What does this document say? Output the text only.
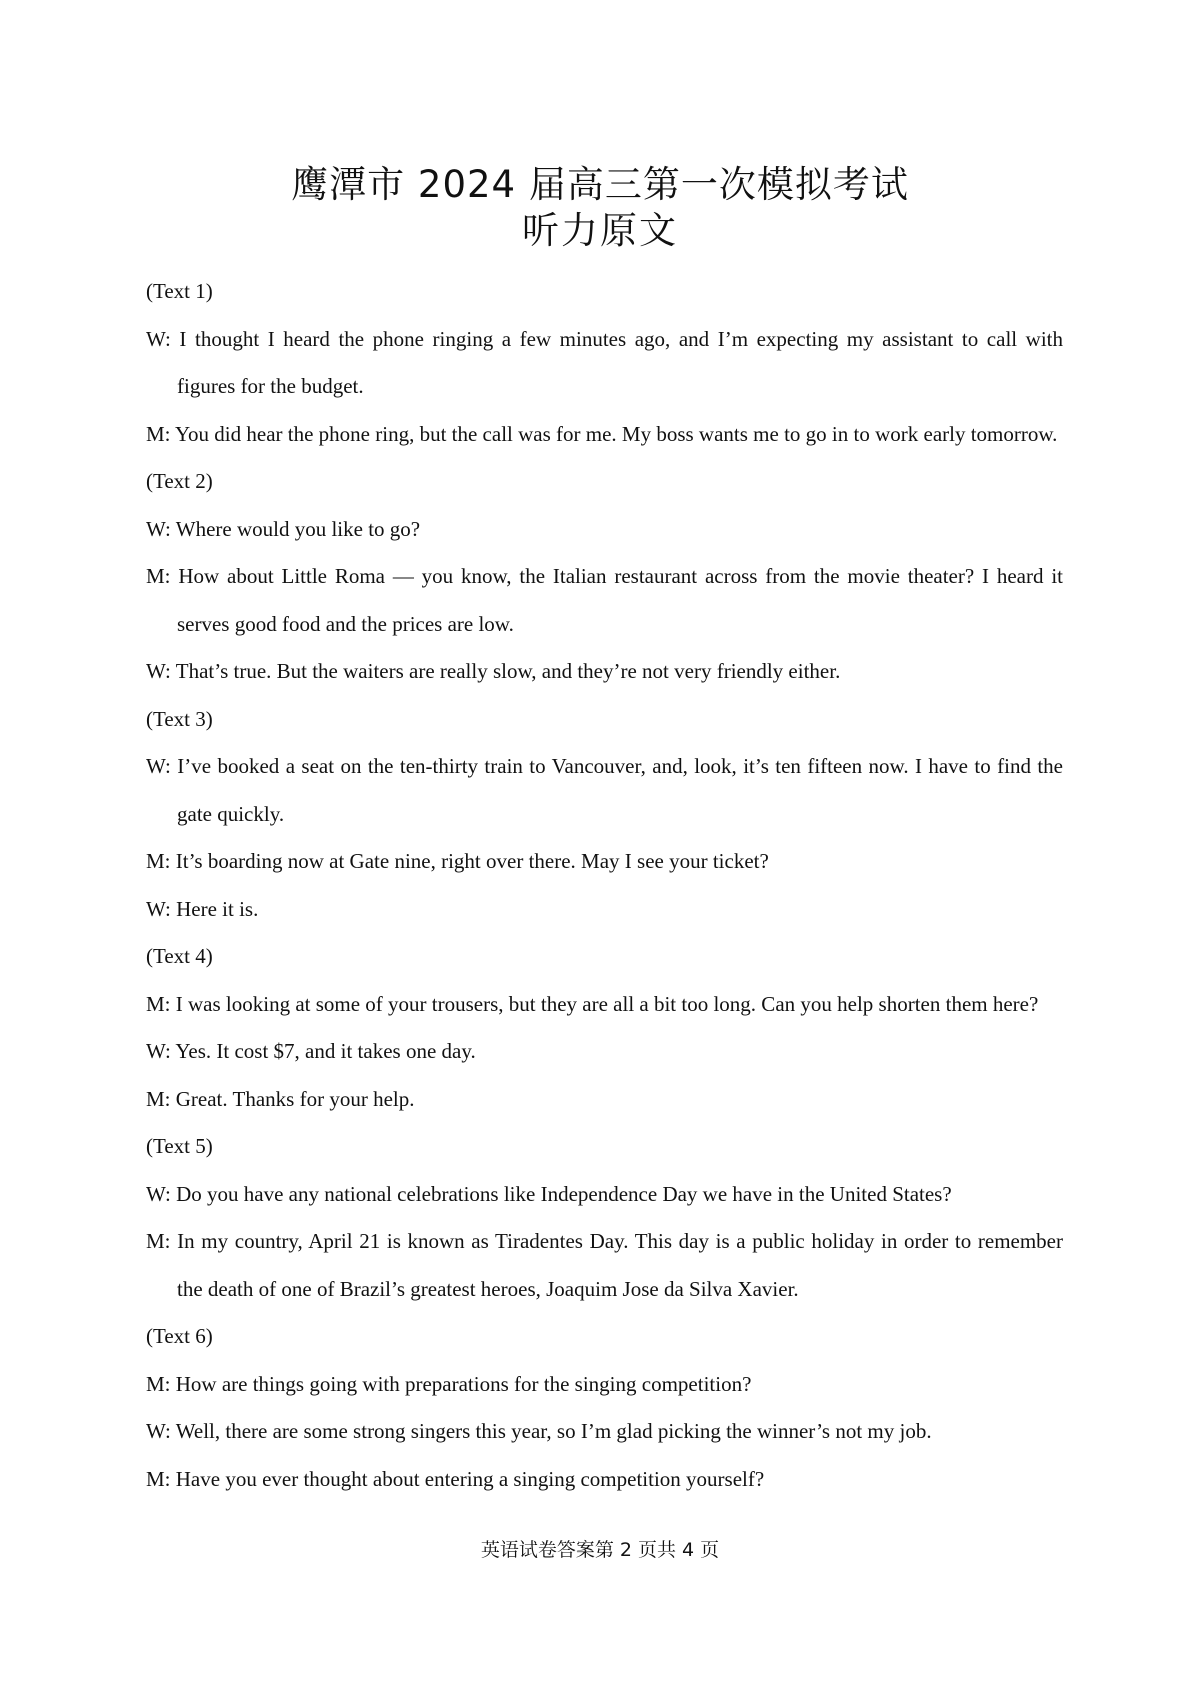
鹰潭市 2024 届高三第一次模拟考试
听力原文
(Text 1)
W: I thought I heard the phone ringing a few minutes ago, and I’m expecting my assistant to call with figures for the budget.
M: You did hear the phone ring, but the call was for me. My boss wants me to go in to work early tomorrow.
(Text 2)
W: Where would you like to go?
M: How about Little Roma — you know, the Italian restaurant across from the movie theater? I heard it serves good food and the prices are low.
W: That’s true. But the waiters are really slow, and they’re not very friendly either.
(Text 3)
W: I’ve booked a seat on the ten-thirty train to Vancouver, and, look, it’s ten fifteen now. I have to find the gate quickly.
M: It’s boarding now at Gate nine, right over there. May I see your ticket?
W: Here it is.
(Text 4)
M: I was looking at some of your trousers, but they are all a bit too long. Can you help shorten them here?
W: Yes. It cost $7, and it takes one day.
M: Great. Thanks for your help.
(Text 5)
W: Do you have any national celebrations like Independence Day we have in the United States?
M: In my country, April 21 is known as Tiradentes Day. This day is a public holiday in order to remember the death of one of Brazil’s greatest heroes, Joaquim Jose da Silva Xavier.
(Text 6)
M: How are things going with preparations for the singing competition?
W: Well, there are some strong singers this year, so I’m glad picking the winner’s not my job.
M: Have you ever thought about entering a singing competition yourself?
英语试卷答案第 2 页共 4 页
